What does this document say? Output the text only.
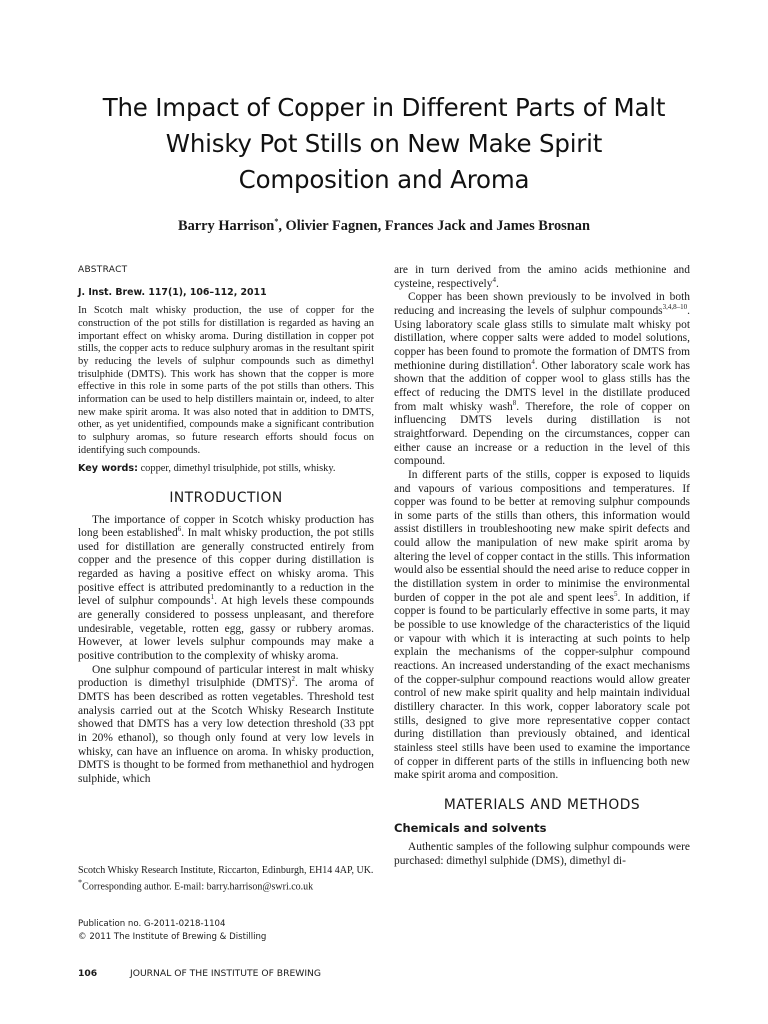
The Impact of Copper in Different Parts of Malt
Whisky Pot Stills on New Make Spirit
Composition and Aroma
Barry Harrison*, Olivier Fagnen, Frances Jack and James Brosnan
ABSTRACT
J. Inst. Brew. 117(1), 106–112, 2011

In Scotch malt whisky production, the use of copper for the construction of the pot stills for distillation is regarded as having an important effect on whisky aroma. During distillation in copper pot stills, the copper acts to reduce sulphury aromas in the resultant spirit by reducing the levels of sulphur compounds such as dimethyl trisulphide (DMTS). This work has shown that the copper is more effective in this role in some parts of the pot stills than others. This information can be used to help distillers maintain or, indeed, to alter new make spirit aroma. It was also noted that in addition to DMTS, other, as yet unidentified, compounds make a significant contribution to sulphury aromas, so future research efforts should focus on identifying such compounds.

Key words: copper, dimethyl trisulphide, pot stills, whisky.

INTRODUCTION

The importance of copper in Scotch whisky production has long been established$^6$. In malt whisky production, the pot stills used for distillation are generally constructed entirely from copper and the presence of this copper during distillation is regarded as having a positive effect on whisky aroma. This positive effect is attributed predominantly to a reduction in the level of sulphur compounds$^1$. At high levels these compounds are generally considered to possess unpleasant, and therefore undesirable, vegetable, rotten egg, gassy or rubbery aromas. However, at lower levels sulphur compounds may make a positive contribution to the complexity of whisky aroma.

One sulphur compound of particular interest in malt whisky production is dimethyl trisulphide (DMTS)$^2$. The aroma of DMTS has been described as rotten vegetables. Threshold test analysis carried out at the Scotch Whisky Research Institute showed that DMTS has a very low detection threshold (33 ppt in 20% ethanol), so though only found at very low levels in whisky, can have an influence on aroma. In whisky production, DMTS is thought to be formed from methanethiol and hydrogen sulphide, which

Scotch Whisky Research Institute, Riccarton, Edinburgh, EH14 4AP, UK.

*Corresponding author. E-mail: barry.harrison@swri.co.uk

Publication no. G-2011-0218-1104
© 2011 The Institute of Brewing & Distilling

are in turn derived from the amino acids methionine and cysteine, respectively$^4$.

Copper has been shown previously to be involved in both reducing and increasing the levels of sulphur compounds$^{3,4,8-10}$. Using laboratory scale glass stills to simulate malt whisky pot distillation, where copper salts were added to model solutions, copper has been found to promote the formation of DMTS from methionine during distillation$^4$. Other laboratory scale work has shown that the addition of copper wool to glass stills has the effect of reducing the DMTS level in the distillate produced from malt whisky wash$^8$. Therefore, the role of copper on influencing DMTS levels during distillation is not straightforward. Depending on the circumstances, copper can either cause an increase or a reduction in the level of this compound.

In different parts of the stills, copper is exposed to liquids and vapours of various compositions and temperatures. If copper was found to be better at removing sulphur compounds in some parts of the stills than others, this information would assist distillers in troubleshooting new make spirit defects and could allow the manipulation of new make spirit aroma by altering the level of copper contact in the stills. This information would also be essential should the need arise to reduce copper in the distillation system in order to minimise the environmental burden of copper in the pot ale and spent lees$^5$. In addition, if copper is found to be particularly effective in some parts, it may be possible to use knowledge of the characteristics of the liquid or vapour with which it is interacting at such points to help explain the mechanisms of the copper-sulphur compound reactions. An increased understanding of the exact mechanisms of the copper-sulphur compound reactions would allow greater control of new make spirit quality and help maintain individual distillery character. In this work, copper laboratory scale pot stills, designed to give more representative copper contact during distillation than previously obtained, and identical stainless steel stills have been used to examine the importance of copper in different parts of the stills in influencing both new make spirit aroma and composition.

MATERIALS AND METHODS
Chemicals and solvents

Authentic samples of the following sulphur compounds were purchased: dimethyl sulphide (DMS), dimethyl di-

106	JOURNAL OF THE INSTITUTE OF BREWING
